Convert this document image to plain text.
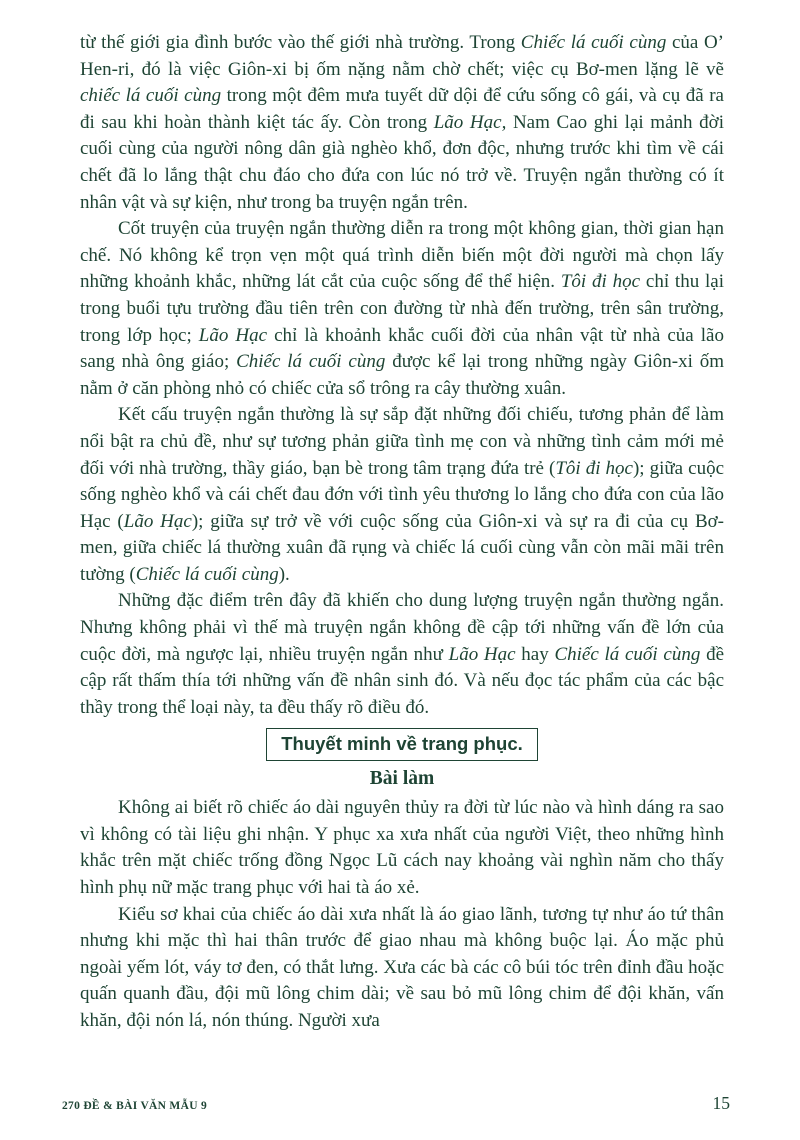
từ thế giới gia đình bước vào thế giới nhà trường. Trong Chiếc lá cuối cùng của O’ Hen-ri, đó là việc Giôn-xi bị ốm nặng nằm chờ chết; việc cụ Bơ-men lặng lẽ vẽ chiếc lá cuối cùng trong một đêm mưa tuyết dữ dội để cứu sống cô gái, và cụ đã ra đi sau khi hoàn thành kiệt tác ấy. Còn trong Lão Hạc, Nam Cao ghi lại mảnh đời cuối cùng của người nông dân già nghèo khổ, đơn độc, nhưng trước khi tìm về cái chết đã lo lắng thật chu đáo cho đứa con lúc nó trở về. Truyện ngắn thường có ít nhân vật và sự kiện, như trong ba truyện ngắn trên.

Cốt truyện của truyện ngắn thường diễn ra trong một không gian, thời gian hạn chế. Nó không kể trọn vẹn một quá trình diễn biến một đời người mà chọn lấy những khoảnh khắc, những lát cắt của cuộc sống để thể hiện. Tôi đi học chỉ thu lại trong buổi tựu trường đầu tiên trên con đường từ nhà đến trường, trên sân trường, trong lớp học; Lão Hạc chỉ là khoảnh khắc cuối đời của nhân vật từ nhà của lão sang nhà ông giáo; Chiếc lá cuối cùng được kể lại trong những ngày Giôn-xi ốm nằm ở căn phòng nhỏ có chiếc cửa sổ trông ra cây thường xuân.

Kết cấu truyện ngắn thường là sự sắp đặt những đối chiếu, tương phản để làm nổi bật ra chủ đề, như sự tương phản giữa tình mẹ con và những tình cảm mới mẻ đối với nhà trường, thầy giáo, bạn bè trong tâm trạng đứa trẻ (Tôi đi học); giữa cuộc sống nghèo khổ và cái chết đau đớn với tình yêu thương lo lắng cho đứa con của lão Hạc (Lão Hạc); giữa sự trở về với cuộc sống của Giôn-xi và sự ra đi của cụ Bơ-men, giữa chiếc lá thường xuân đã rụng và chiếc lá cuối cùng vẫn còn mãi mãi trên tường (Chiếc lá cuối cùng).

Những đặc điểm trên đây đã khiến cho dung lượng truyện ngắn thường ngắn. Nhưng không phải vì thế mà truyện ngắn không đề cập tới những vấn đề lớn của cuộc đời, mà ngược lại, nhiều truyện ngắn như Lão Hạc hay Chiếc lá cuối cùng đề cập rất thấm thía tới những vấn đề nhân sinh đó. Và nếu đọc tác phẩm của các bậc thầy trong thể loại này, ta đều thấy rõ điều đó.

Thuyết minh về trang phục.
Bài làm

Không ai biết rõ chiếc áo dài nguyên thủy ra đời từ lúc nào và hình dáng ra sao vì không có tài liệu ghi nhận. Y phục xa xưa nhất của người Việt, theo những hình khắc trên mặt chiếc trống đồng Ngọc Lũ cách nay khoảng vài nghìn năm cho thấy hình phụ nữ mặc trang phục với hai tà áo xẻ.

Kiểu sơ khai của chiếc áo dài xưa nhất là áo giao lãnh, tương tự như áo tứ thân nhưng khi mặc thì hai thân trước để giao nhau mà không buộc lại. Áo mặc phủ ngoài yếm lót, váy tơ đen, có thắt lưng. Xưa các bà các cô búi tóc trên đỉnh đầu hoặc quấn quanh đầu, đội mũ lông chim dài; về sau bỏ mũ lông chim để đội khăn, vấn khăn, đội nón lá, nón thúng. Người xưa

270 ĐỀ & BÀI VĂN MẪU 9	15
